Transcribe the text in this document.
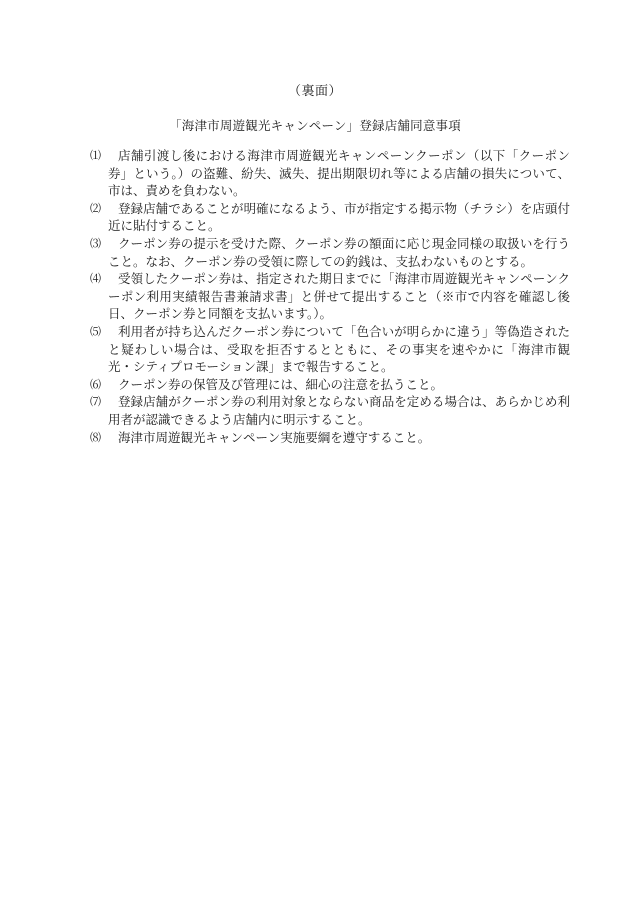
（裏面）
「海津市周遊観光キャンペーン」登録店舗同意事項
⑴	店舗引渡し後における海津市周遊観光キャンペーンクーポン（以下「クーポン券」という。）の盗難、紛失、滅失、提出期限切れ等による店舗の損失について、市は、責めを負わない。
⑵	登録店舗であることが明確になるよう、市が指定する掲示物（チラシ）を店頭付近に貼付すること。
⑶	クーポン券の提示を受けた際、クーポン券の額面に応じ現金同様の取扱いを行うこと。なお、クーポン券の受領に際しての釣銭は、支払わないものとする。
⑷	受領したクーポン券は、指定された期日までに「海津市周遊観光キャンペーンクーポン利用実績報告書兼請求書」と併せて提出すること（※市で内容を確認し後日、クーポン券と同額を支払います。）。
⑸	利用者が持ち込んだクーポン券について「色合いが明らかに違う」等偽造されたと疑わしい場合は、受取を拒否するとともに、その事実を速やかに「海津市観光・シティプロモーション課」まで報告すること。
⑹	クーポン券の保管及び管理には、細心の注意を払うこと。
⑺	登録店舗がクーポン券の利用対象とならない商品を定める場合は、あらかじめ利用者が認識できるよう店舗内に明示すること。
⑻	海津市周遊観光キャンペーン実施要綱を遵守すること。
